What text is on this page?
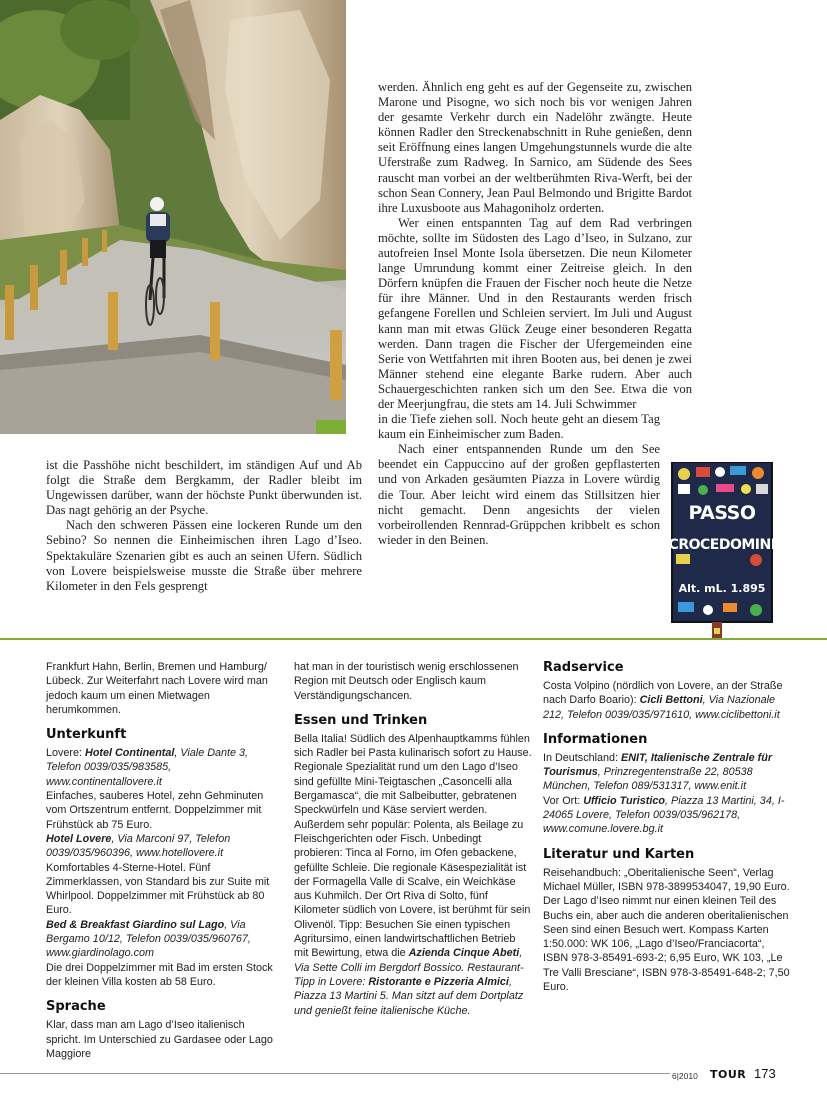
werden. Ähnlich eng geht es auf der Gegenseite zu, zwischen Marone und Pisogne, wo sich noch bis vor wenigen Jahren der gesamte Verkehr durch ein Nadelöhr zwängte. Heute können Radler den Streckenabschnitt in Ruhe genießen, denn seit Eröffnung eines langen Umgehungstunnels wurde die alte Uferstraße zum Radweg. In Sarnico, am Südende des Sees rauscht man vorbei an der weltberühmten Riva-Werft, bei der schon Sean Connery, Jean Paul Belmondo und Brigitte Bardot ihre Luxusboote aus Mahagoniholz orderten.

Wer einen entspannten Tag auf dem Rad verbringen möchte, sollte im Südosten des Lago d’Iseo, in Sulzano, zur autofreien Insel Monte Isola übersetzen. Die neun Kilometer lange Umrundung kommt einer Zeitreise gleich. In den Dörfern knüpfen die Frauen der Fischer noch heute die Netze für ihre Männer. Und in den Restaurants werden frisch gefangene Forellen und Schleien serviert. Im Juli und August kann man mit etwas Glück Zeuge einer besonderen Regatta werden. Dann tragen die Fischer der Ufergemeinden eine Serie von Wettfahrten mit ihren Booten aus, bei denen je zwei Männer stehend eine elegante Barke rudern. Aber auch Schauergeschichten ranken sich um den See. Etwa die von der Meerjungfrau, die stets am 14. Juli Schwimmer

in die Tiefe ziehen soll. Noch heute geht an diesem Tag kaum ein Einheimischer zum Baden.

Nach einer entspannenden Runde um den See beendet ein Cappuccino auf der großen gepflasterten und von Arkaden gesäumten Piazza in Lovere würdig die Tour. Aber leicht wird einem das Stillsitzen hier nicht gemacht. Denn angesichts der vielen vorbeirollenden Rennrad-Grüppchen kribbelt es schon wieder in den Beinen.

ist die Passhöhe nicht beschildert, im ständigen Auf und Ab folgt die Straße dem Bergkamm, der Radler bleibt im Ungewissen darüber, wann der höchste Punkt überwunden ist. Das nagt gehörig an der Psyche.

Nach den schweren Pässen eine lockeren Runde um den Sebino? So nennen die Einheimischen ihren Lago d’Iseo. Spektakuläre Szenarien gibt es auch an seinen Ufern. Südlich von Lovere beispielsweise musste die Straße über mehrere Kilometer in den Fels gesprengt

PASSO
CROCEDOMINI
Alt. mL. 1.895

Frankfurt Hahn, Berlin, Bremen und Hamburg/ Lübeck. Zur Weiterfahrt nach Lovere wird man jedoch kaum um einen Mietwagen herumkommen.

Unterkunft

Lovere: Hotel Continental, Viale Dante 3, Telefon 0039/035/983585, www.continentallovere.it

Einfaches, sauberes Hotel, zehn Gehminuten vom Ortszentrum entfernt. Doppelzimmer mit Frühstück ab 75 Euro.

Hotel Lovere, Via Marconi 97, Telefon 0039/035/960396, www.hotellovere.it

Komfortables 4-Sterne-Hotel. Fünf Zimmerklassen, von Standard bis zur Suite mit Whirlpool. Doppelzimmer mit Frühstück ab 80 Euro.

Bed & Breakfast Giardino sul Lago, Via Bergamo 10/12, Telefon 0039/035/960767, www.giardinolago.com

Die drei Doppelzimmer mit Bad im ersten Stock der kleinen Villa kosten ab 58 Euro.

Sprache

Klar, dass man am Lago d’Iseo italienisch spricht. Im Unterschied zu Gardasee oder Lago Maggiore

hat man in der touristisch wenig erschlossenen Region mit Deutsch oder Englisch kaum Verständigungschancen.

Essen und Trinken

Bella Italia! Südlich des Alpenhauptkamms fühlen sich Radler bei Pasta kulinarisch sofort zu Hause. Regionale Spezialität rund um den Lago d’Iseo sind gefüllte Mini-Teigtaschen „Casoncelli alla Bergamasca“, die mit Salbeibutter, gebratenen Speckwürfeln und Käse serviert werden. Außerdem sehr populär: Polenta, als Beilage zu Fleischgerichten oder Fisch. Unbedingt probieren: Tinca al Forno, im Ofen gebackene, gefüllte Schleie. Die regionale Käsespezialität ist der Formagella Valle di Scalve, ein Weichkäse aus Kuhmilch. Der Ort Riva di Solto, fünf Kilometer südlich von Lovere, ist berühmt für sein Olivenöl. Tipp: Besuchen Sie einen typischen Agritursimo, einen landwirtschaftlichen Betrieb mit Bewirtung, etwa die Azienda Cinque Abeti, Via Sette Colli im Bergdorf Bossico. Restaurant-Tipp in Lovere: Ristorante e Pizzeria Almici, Piazza 13 Martini 5. Man sitzt auf dem Dortplatz und genießt feine italienische Küche.

Radservice

Costa Volpino (nördlich von Lovere, an der Straße nach Darfo Boario): Cicli Bettoni, Via Nazionale 212, Telefon 0039/035/971610, www.ciclibettoni.it

Informationen

In Deutschland: ENIT, Italienische Zentrale für Tourismus, Prinzregentenstraße 22, 80538 München, Telefon 089/531317, www.enit.it

Vor Ort: Ufficio Turistico, Piazza 13 Martini, 34, I-24065 Lovere, Telefon 0039/035/962178, www.comune.lovere.bg.it

Literatur und Karten

Reisehandbuch: „Oberitalienische Seen“, Verlag Michael Müller, ISBN 978-3899534047, 19,90 Euro. Der Lago d’Iseo nimmt nur einen kleinen Teil des Buchs ein, aber auch die anderen oberitalienischen Seen sind einen Besuch wert. Kompass Karten 1:50.000: WK 106, „Lago d’Iseo/Franciacorta“, ISBN 978-3-85491-693-2; 6,95 Euro, WK 103, „Le Tre Valli Bresciane“, ISBN 978-3-85491-648-2; 7,50 Euro.

6|2010 TOUR 173
